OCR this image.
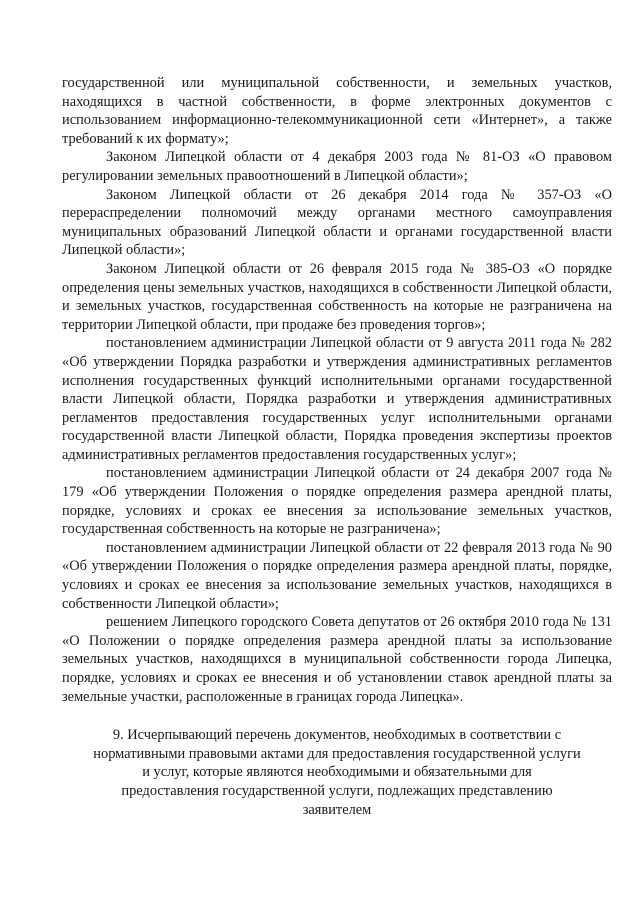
государственной или муниципальной собственности, и земельных участков, находящихся в частной собственности, в форме электронных документов с использованием информационно-телекоммуникационной сети «Интернет», а также требований к их формату»;

Законом Липецкой области от 4 декабря 2003 года № 81-ОЗ «О правовом регулировании земельных правоотношений в Липецкой области»;

Законом Липецкой области от 26 декабря 2014 года № 357-ОЗ «О перераспределении полномочий между органами местного самоуправления муниципальных образований Липецкой области и органами государственной власти Липецкой области»;

Законом Липецкой области от 26 февраля 2015 года № 385-ОЗ «О порядке определения цены земельных участков, находящихся в собственности Липецкой области, и земельных участков, государственная собственность на которые не разграничена на территории Липецкой области, при продаже без проведения торгов»;

постановлением администрации Липецкой области от 9 августа 2011 года № 282 «Об утверждении Порядка разработки и утверждения административных регламентов исполнения государственных функций исполнительными органами государственной власти Липецкой области, Порядка разработки и утверждения административных регламентов предоставления государственных услуг исполнительными органами государственной власти Липецкой области, Порядка проведения экспертизы проектов административных регламентов предоставления государственных услуг»;

постановлением администрации Липецкой области от 24 декабря 2007 года № 179 «Об утверждении Положения о порядке определения размера арендной платы, порядке, условиях и сроках ее внесения за использование земельных участков, государственная собственность на которые не разграничена»;

постановлением администрации Липецкой области от 22 февраля 2013 года № 90 «Об утверждении Положения о порядке определения размера арендной платы, порядке, условиях и сроках ее внесения за использование земельных участков, находящихся в собственности Липецкой области»;

решением Липецкого городского Совета депутатов от 26 октября 2010 года № 131 «О Положении о порядке определения размера арендной платы за использование земельных участков, находящихся в муниципальной собственности города Липецка, порядке, условиях и сроках ее внесения и об установлении ставок арендной платы за земельные участки, расположенные в границах города Липецка».

9. Исчерпывающий перечень документов, необходимых в соответствии с нормативными правовыми актами для предоставления государственной услуги и услуг, которые являются необходимыми и обязательными для предоставления государственной услуги, подлежащих представлению заявителем
